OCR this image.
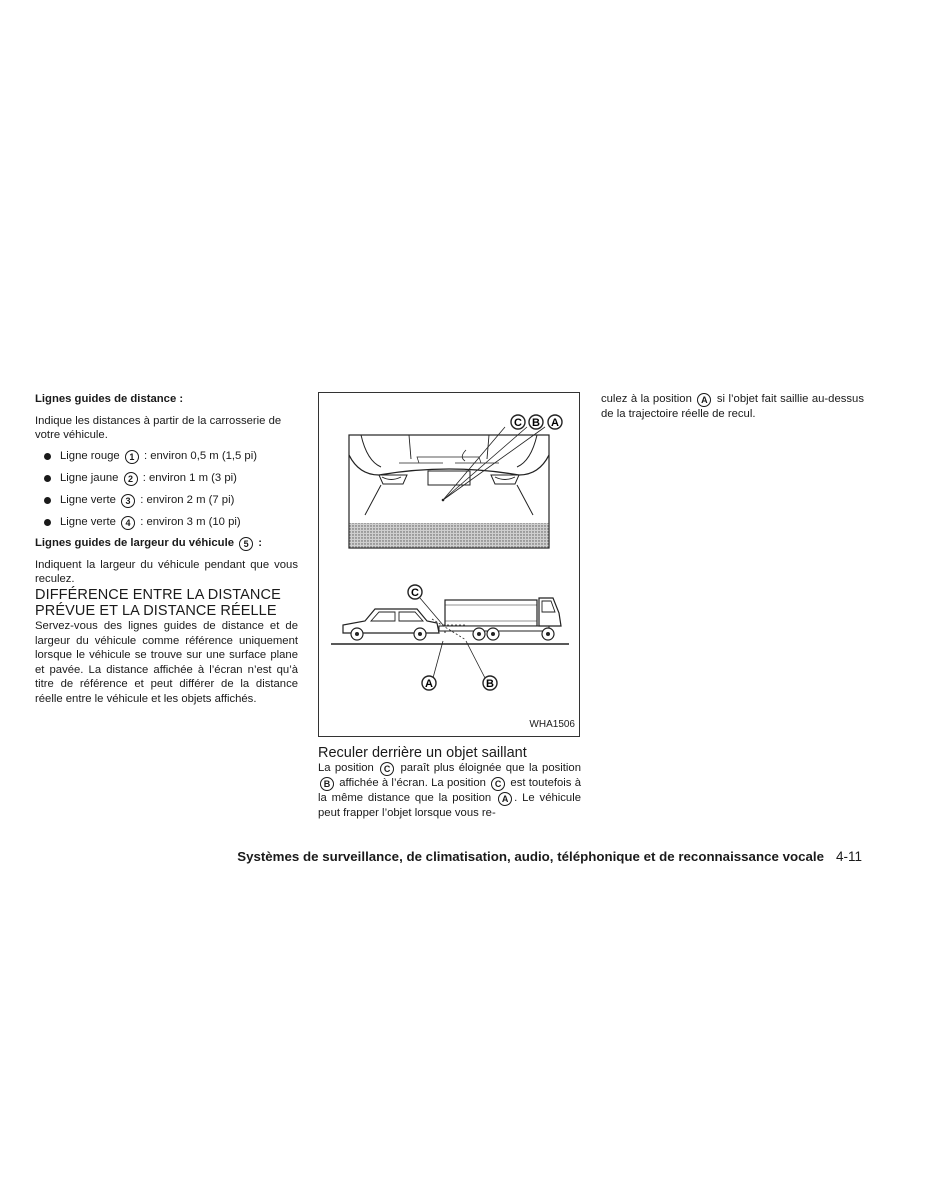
Lignes guides de distance :

Indique les distances à partir de la carrosserie de votre véhicule.

Ligne rouge 1 : environ 0,5 m (1,5 pi)
Ligne jaune 2 : environ 1 m (3 pi)
Ligne verte 3 : environ 2 m (7 pi)
Ligne verte 4 : environ 3 m (10 pi)

Lignes guides de largeur du véhicule 5 :

Indiquent la largeur du véhicule pendant que vous reculez.

DIFFÉRENCE ENTRE LA DISTANCE PRÉVUE ET LA DISTANCE RÉELLE

Servez-vous des lignes guides de distance et de largeur du véhicule comme référence uniquement lorsque le véhicule se trouve sur une surface plane et pavée. La distance affichée à l’écran n’est qu’à titre de référence et peut différer de la distance réelle entre le véhicule et les objets affichés.

C B A
C
A	B
WHA1506

Reculer derrière un objet saillant

La position C paraît plus éloignée que la position B affichée à l’écran. La position C est toutefois à la même distance que la position A . Le véhicule peut frapper l’objet lorsque vous re-

culez à la position A si l’objet fait saillie au-dessus de la trajectoire réelle de recul.

Systèmes de surveillance, de climatisation, audio, téléphonique et de reconnaissance vocale 4-11
